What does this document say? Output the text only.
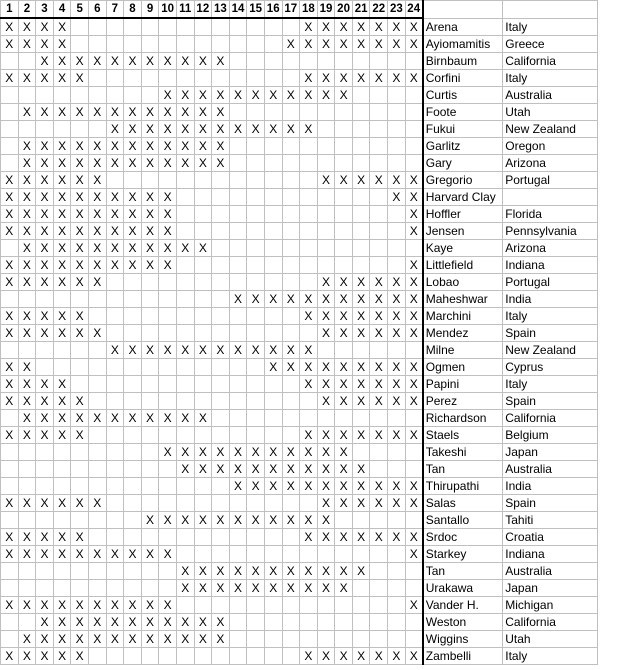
1	2	3	4	5	6	7	8	9	10	11	12	13	14	15	16	17	18	19	20	21	22	23	24		
X	X	X	X														X	X	X	X	X	X	X	Arena	Italy
X	X	X	X													X	X	X	X	X	X	X	X	Ayiomamitis	Greece
		X	X	X	X	X	X	X	X	X	X	X												Birnbaum	California
X	X	X	X	X													X	X	X	X	X	X	X	Corfini	Italy
									X	X	X	X	X	X	X	X	X	X	X					Curtis	Australia
	X	X	X	X	X	X	X	X	X	X	X	X												Foote	Utah
						X	X	X	X	X	X	X	X	X	X	X	X							Fukui	New Zealand
	X	X	X	X	X	X	X	X	X	X	X	X												Garlitz	Oregon
	X	X	X	X	X	X	X	X	X	X	X	X												Gary	Arizona
X	X	X	X	X	X													X	X	X	X	X	X	Gregorio	Portugal
X	X	X	X	X	X	X	X	X	X													X	X	Harvard Clay	
X	X	X	X	X	X	X	X	X	X														X	Hoffler	Florida
X	X	X	X	X	X	X	X	X	X														X	Jensen	Pennsylvania
	X	X	X	X	X	X	X	X	X	X	X													Kaye	Arizona
X	X	X	X	X	X	X	X	X	X														X	Littlefield	Indiana
X	X	X	X	X	X													X	X	X	X	X	X	Lobao	Portugal
													X	X	X	X	X	X	X	X	X	X	X	Maheshwar	India
X	X	X	X	X													X	X	X	X	X	X	X	Marchini	Italy
X	X	X	X	X	X													X	X	X	X	X	X	Mendez	Spain
						X	X	X	X	X	X	X	X	X	X	X	X							Milne	New Zealand
X	X														X	X	X	X	X	X	X	X	X	Ogmen	Cyprus
X	X	X	X														X	X	X	X	X	X	X	Papini	Italy
X	X	X	X	X														X	X	X	X	X	X	Perez	Spain
	X	X	X	X	X	X	X	X	X	X	X													Richardson	California
X	X	X	X	X													X	X	X	X	X	X	X	Staels	Belgium
									X	X	X	X	X	X	X	X	X	X	X					Takeshi	Japan
										X	X	X	X	X	X	X	X	X	X	X				Tan	Australia
													X	X	X	X	X	X	X	X	X	X	X	Thirupathi	India
X	X	X	X	X	X													X	X	X	X	X	X	Salas	Spain
								X	X	X	X	X	X	X	X	X	X	X						Santallo	Tahiti
X	X	X	X	X													X	X	X	X	X	X	X	Srdoc	Croatia
X	X	X	X	X	X	X	X	X	X														X	Starkey	Indiana
										X	X	X	X	X	X	X	X	X	X	X				Tan	Australia
										X	X	X	X	X	X	X	X	X	X					Urakawa	Japan
X	X	X	X	X	X	X	X	X	X														X	Vander H.	Michigan
		X	X	X	X	X	X	X	X	X	X	X												Weston	California
	X	X	X	X	X	X	X	X	X	X	X	X												Wiggins	Utah
X	X	X	X	X													X	X	X	X	X	X	X	Zambelli	Italy
